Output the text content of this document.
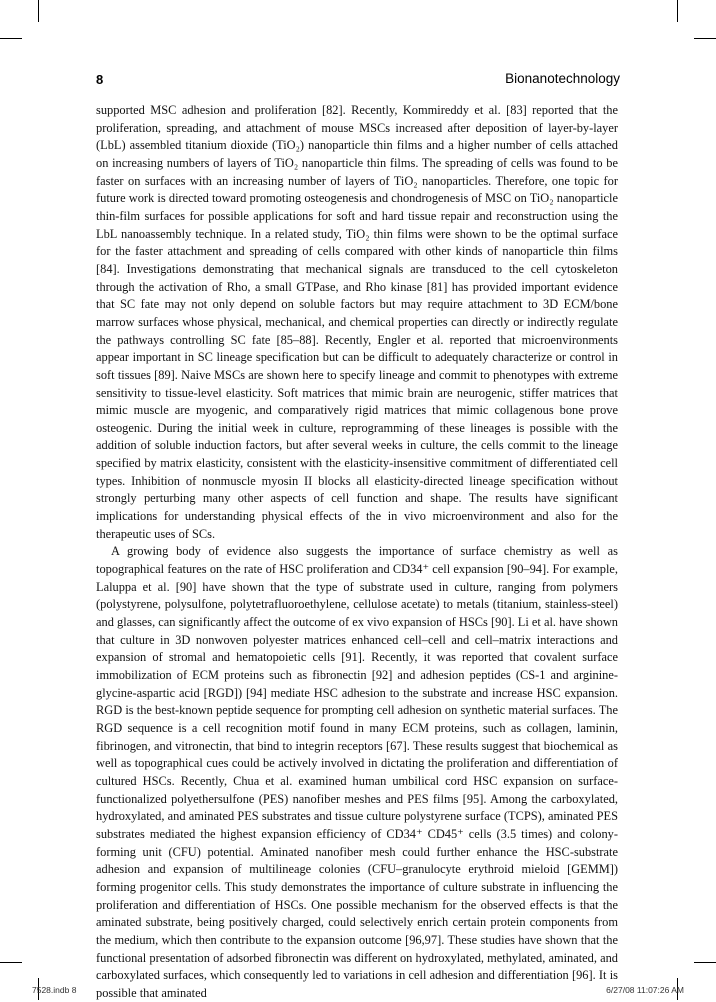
8	Bionanotechnology

supported MSC adhesion and proliferation [82]. Recently, Kommireddy et al. [83] reported that the proliferation, spreading, and attachment of mouse MSCs increased after deposition of layer-by-layer (LbL) assembled titanium dioxide (TiO₂) nanoparticle thin films and a higher number of cells attached on increasing numbers of layers of TiO₂ nanoparticle thin films. The spreading of cells was found to be faster on surfaces with an increasing number of layers of TiO₂ nanoparticles. Therefore, one topic for future work is directed toward promoting osteogenesis and chondrogenesis of MSC on TiO₂ nanoparticle thin-film surfaces for possible applications for soft and hard tissue repair and reconstruction using the LbL nanoassembly technique. In a related study, TiO₂ thin films were shown to be the optimal surface for the faster attachment and spreading of cells compared with other kinds of nanoparticle thin films [84]. Investigations demonstrating that mechanical signals are transduced to the cell cytoskeleton through the activation of Rho, a small GTPase, and Rho kinase [81] has provided important evidence that SC fate may not only depend on soluble factors but may require attachment to 3D ECM/bone marrow surfaces whose physical, mechanical, and chemical properties can directly or indirectly regulate the pathways controlling SC fate [85–88]. Recently, Engler et al. reported that microenvironments appear important in SC lineage specification but can be difficult to adequately characterize or control in soft tissues [89]. Naive MSCs are shown here to specify lineage and commit to phenotypes with extreme sensitivity to tissue-level elasticity. Soft matrices that mimic brain are neurogenic, stiffer matrices that mimic muscle are myogenic, and comparatively rigid matrices that mimic collagenous bone prove osteogenic. During the initial week in culture, reprogramming of these lineages is possible with the addition of soluble induction factors, but after several weeks in culture, the cells commit to the lineage specified by matrix elasticity, consistent with the elasticity-insensitive commitment of differentiated cell types. Inhibition of nonmuscle myosin II blocks all elasticity-directed lineage specification without strongly perturbing many other aspects of cell function and shape. The results have significant implications for understanding physical effects of the in vivo microenvironment and also for the therapeutic uses of SCs.

A growing body of evidence also suggests the importance of surface chemistry as well as topographical features on the rate of HSC proliferation and CD34⁺ cell expansion [90–94]. For example, Laluppa et al. [90] have shown that the type of substrate used in culture, ranging from polymers (polystyrene, polysulfone, polytetrafluoroethylene, cellulose acetate) to metals (titanium, stainless-steel) and glasses, can significantly affect the outcome of ex vivo expansion of HSCs [90]. Li et al. have shown that culture in 3D nonwoven polyester matrices enhanced cell–cell and cell–matrix interactions and expansion of stromal and hematopoietic cells [91]. Recently, it was reported that covalent surface immobilization of ECM proteins such as fibronectin [92] and adhesion peptides (CS-1 and arginine-glycine-aspartic acid [RGD]) [94] mediate HSC adhesion to the substrate and increase HSC expansion. RGD is the best-known peptide sequence for prompting cell adhesion on synthetic material surfaces. The RGD sequence is a cell recognition motif found in many ECM proteins, such as collagen, laminin, fibrinogen, and vitronectin, that bind to integrin receptors [67]. These results suggest that biochemical as well as topographical cues could be actively involved in dictating the proliferation and differentiation of cultured HSCs. Recently, Chua et al. examined human umbilical cord HSC expansion on surface-functionalized polyethersulfone (PES) nanofiber meshes and PES films [95]. Among the carboxylated, hydroxylated, and aminated PES substrates and tissue culture polystyrene surface (TCPS), aminated PES substrates mediated the highest expansion efficiency of CD34⁺ CD45⁺ cells (3.5 times) and colony-forming unit (CFU) potential. Aminated nanofiber mesh could further enhance the HSC-substrate adhesion and expansion of multilineage colonies (CFU–granulocyte erythroid mieloid [GEMM]) forming progenitor cells. This study demonstrates the importance of culture substrate in influencing the proliferation and differentiation of HSCs. One possible mechanism for the observed effects is that the aminated substrate, being positively charged, could selectively enrich certain protein components from the medium, which then contribute to the expansion outcome [96,97]. These studies have shown that the functional presentation of adsorbed fibronectin was different on hydroxylated, methylated, aminated, and carboxylated surfaces, which consequently led to variations in cell adhesion and differentiation [96]. It is possible that aminated

7528.indb 8	6/27/08 11:07:26 AM
